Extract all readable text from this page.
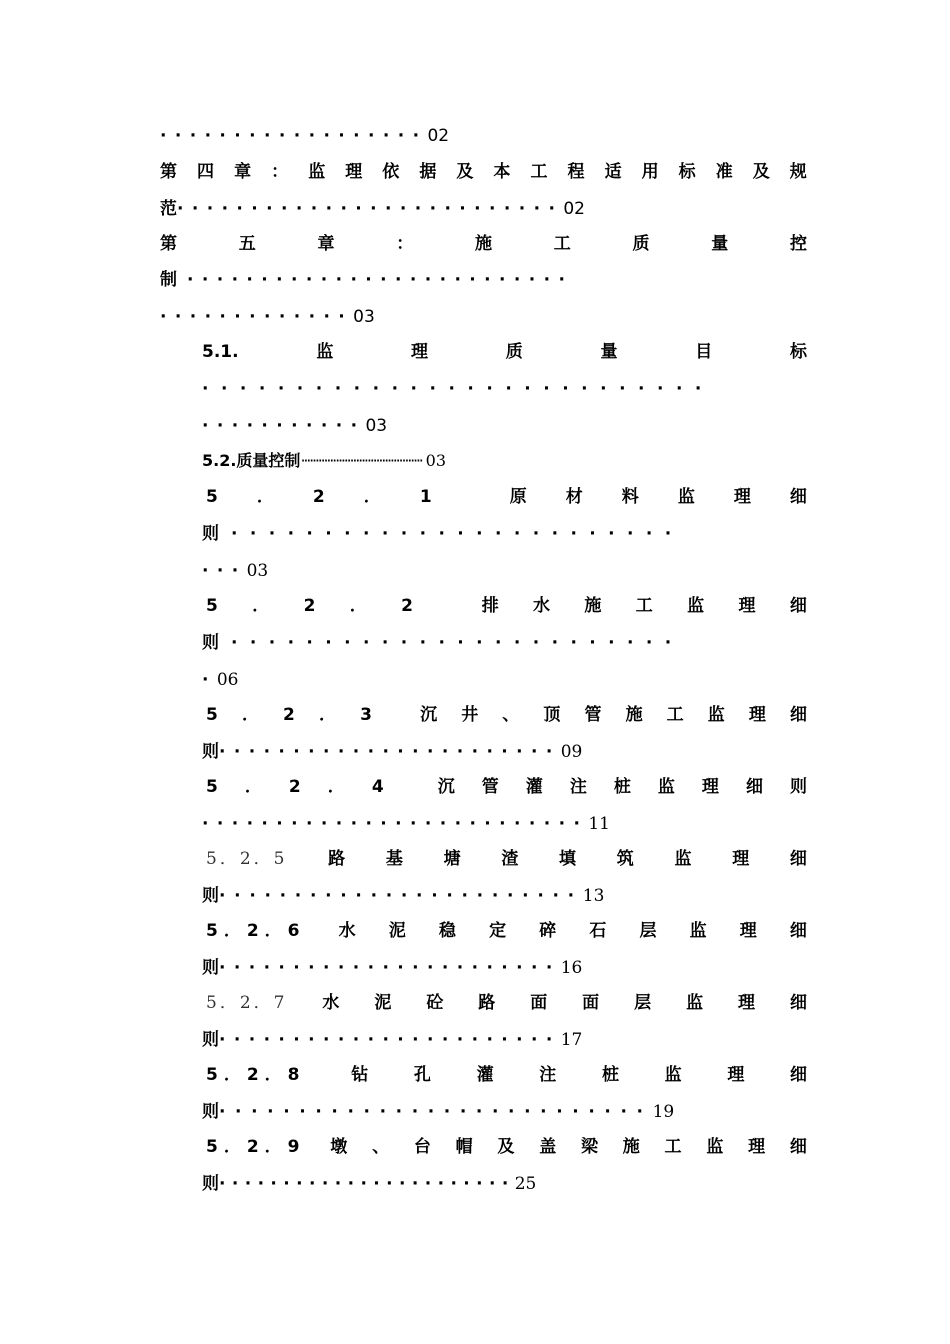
··················02
第 四 章 ： 监 理 依 据 及 本 工 程 适 用 标 准 及 规
范··························02
第	五	章	：	施	工	质	量	控
制 ··························
·············03
5.1.	监	理	质	量	目	标
···························
···········03
5.2.质量控制·········································· 03
5 ． 2 ． 1	原 材 料 监 理 细
则 ························
···03
5 ． 2 ． 2	排 水 施 工 监 理 细
则 ························
·06
5 ． 2 ． 3	沉 井 、 顶 管 施 工 监 理 细
则·······················09
5 ． 2 ． 4	沉 管 灌 注 桩 监 理 细 则
··························11
5．2．5 路 基 塘 渣 填 筑 监 理 细
则························13
5．2．6 水 泥 稳 定 碎 石 层 监 理 细
则·······················16
5．2．7 水 泥 砼 路 面 面 层 监 理 细
则·······················17
5．2．8	钻	孔	灌	注	桩	监	理	细
则···························19
5．2．9 墩 、 台 帽 及 盖 梁 施 工 监 理 细
则·······················25
